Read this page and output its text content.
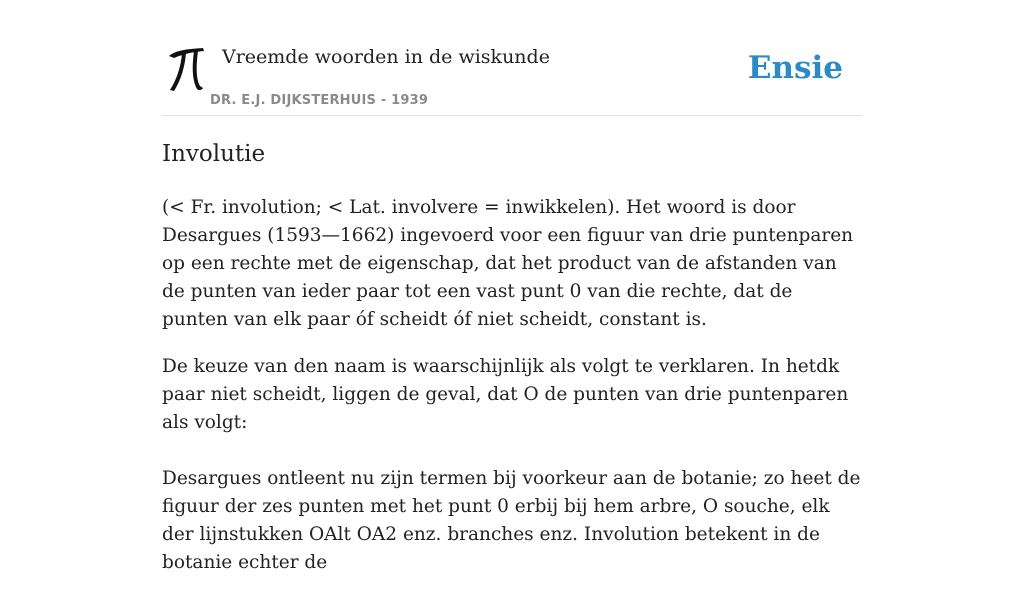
Vreemde woorden in de wiskunde
DR. E.J. DIJKSTERHUIS - 1939
Ensie
Involutie

(< Fr. involution; < Lat. involvere = inwikkelen). Het woord is door Desargues (1593—1662) ingevoerd voor een figuur van drie puntenparen op een rechte met de eigenschap, dat het product van de afstanden van de punten van ieder paar tot een vast punt 0 van die rechte, dat de punten van elk paar óf scheidt óf niet scheidt, constant is.

De keuze van den naam is waarschijnlijk als volgt te verklaren. In hetdk paar niet scheidt, liggen de geval, dat O de punten van drie puntenparen als volgt:

Desargues ontleent nu zijn termen bij voorkeur aan de botanie; zo heet de figuur der zes punten met het punt 0 erbij bij hem arbre, O souche, elk der lijnstukken OAlt OA2 enz. branches enz. Involution betekent in de botanie echter de
